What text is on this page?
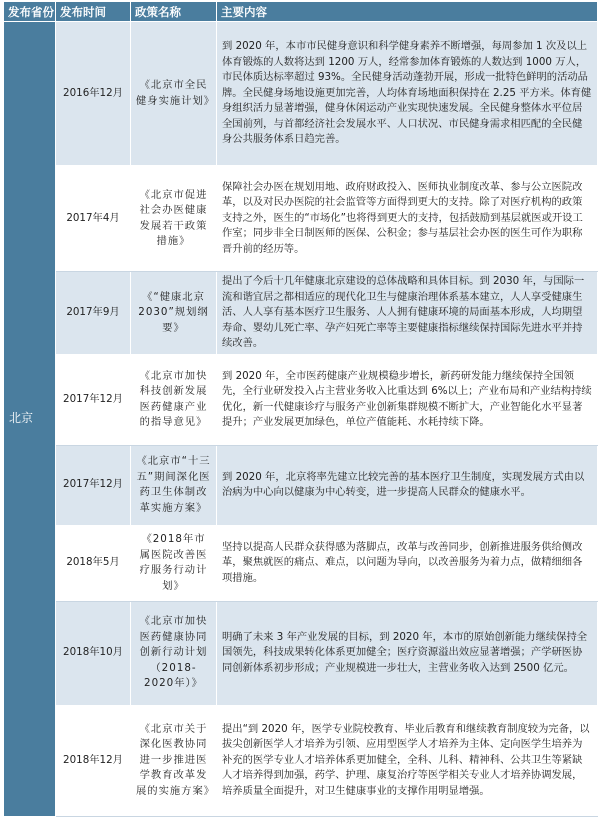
发布省份	发布时间	政策名称	主要内容
北京	2016年12月	《北京市全民健身实施计划》	到 2020 年，本市市民健身意识和科学健身素养不断增强，每周参加 1 次及以上体育锻炼的人数将达到 1200 万人，经常参加体育锻炼的人数达到 1000 万人，市民体质达标率超过 93%。全民健身活动蓬勃开展，形成一批特色鲜明的活动品牌。全民健身场地设施更加完善，人均体育场地面积保持在 2.25 平方米。体育健身组织活力显著增强，健身休闲运动产业实现快速发展。全民健身整体水平位居全国前列，与首都经济社会发展水平、人口状况、市民健身需求相匹配的全民健身公共服务体系日趋完善。
	2017年4月	《北京市促进社会办医健康发展若干政策措施》	保障社会办医在规划用地、政府财政投入、医师执业制度改革、参与公立医院改革，以及对民办医院的社会监管等方面得到更大的支持。除了对医疗机构的政策支持之外，医生的“市场化”也将得到更大的支持，包括鼓励到基层就医或开设工作室；同步非全日制医师的医保、公积金；参与基层社会办医的医生可作为职称晋升前的经历等。
	2017年9月	《“健康北京2030”规划纲要》	提出了今后十几年健康北京建设的总体战略和具体目标。到 2030 年，与国际一流和谐宜居之都相适应的现代化卫生与健康治理体系基本建立，人人享受健康生活、人人享有基本医疗卫生服务、人人拥有健康环境的局面基本形成，人均期望寿命、婴幼儿死亡率、孕产妇死亡率等主要健康指标继续保持国际先进水平并持续改善。
	2017年12月	《北京市加快科技创新发展医药健康产业的指导意见》	到 2020 年，全市医药健康产业规模稳步增长，新药研发能力继续保持全国领先，全行业研发投入占主营业务收入比重达到 6%以上；产业布局和产业结构持续优化，新一代健康诊疗与服务产业创新集群规模不断扩大，产业智能化水平显著提升；产业发展更加绿色，单位产值能耗、水耗持续下降。
	2017年12月	《北京市“十三五”期间深化医药卫生体制改革实施方案》	到 2020 年，北京将率先建立比较完善的基本医疗卫生制度，实现发展方式由以治病为中心向以健康为中心转变，进一步提高人民群众的健康水平。
	2018年5月	《2018年市属医院改善医疗服务行动计划》	坚持以提高人民群众获得感为落脚点，改革与改善同步，创新推进服务供给侧改革，聚焦就医的痛点、难点，以问题为导向，以改善服务为着力点，做精细细各项措施。
	2018年10月	《北京市加快医药健康协同创新行动计划（2018-2020年）》	明确了未来 3 年产业发展的目标，到 2020 年，本市的原始创新能力继续保持全国领先，科技成果转化体系更加健全；医疗资源溢出效应显著增强；产学研医协同创新体系初步形成；产业规模进一步壮大，主营业务收入达到 2500 亿元。
	2018年12月	《北京市关于深化医教协同进一步推进医学教育改革发展的实施方案》	提出“到 2020 年，医学专业院校教育、毕业后教育和继续教育制度较为完备，以拔尖创新医学人才培养为引领、应用型医学人才培养为主体、定向医学生培养为补充的医学专业人才培养体系更加健全，全科、儿科、精神科、公共卫生等紧缺人才培养得到加强，药学、护理、康复治疗等医学相关专业人才培养协调发展，培养质量全面提升，对卫生健康事业的支撑作用明显增强。
